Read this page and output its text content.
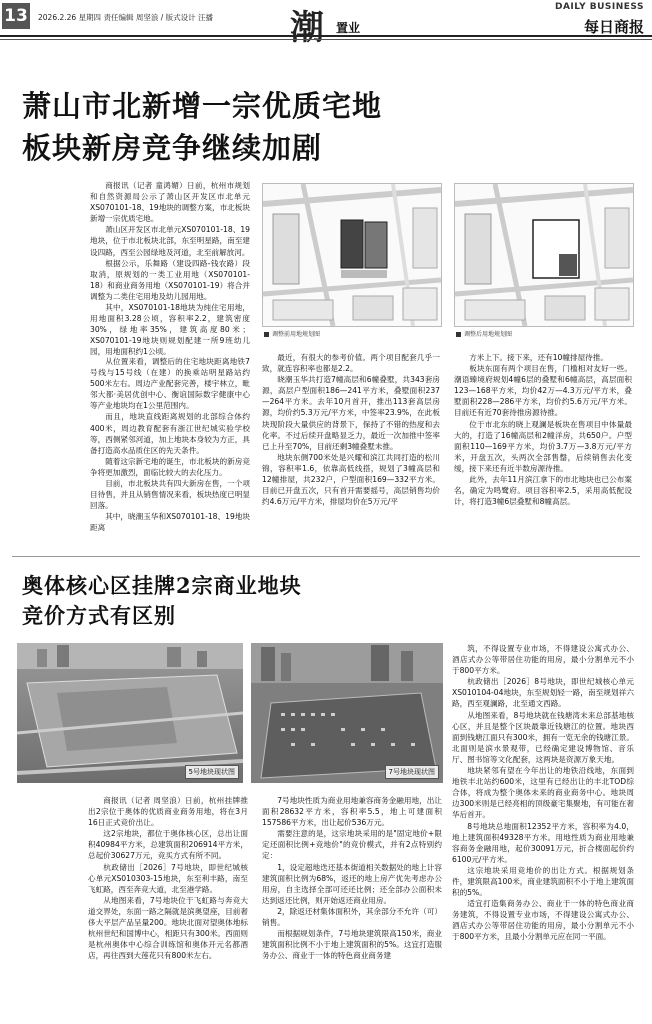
13 2026.2.26 星期四 责任编辑 周坚浪 / 版式设计 汪播 潮 置业
DAILY BUSINESS
每日商报
萧山市北新增一宗优质宅地
板块新房竞争继续加剧

商报讯（记者 童鸿媚）日前，杭州市规划和自然资源局公示了萧山区开发区市北单元XS070101-18、19地块的调整方案，市北板块新增一宗优质宅地。

萧山区开发区市北单元XS070101-18、19地块，位于市北板块北部，东至明星路，南至建设四路，西至公园绿地及河道，北至前解放河。

根据公示，乐舞路（建设四路-钱农路）段取消，原规划的一类工业用地（XS070101-18）和商业商务用地（XS070101-19）将合并调整为二类住宅用地及幼儿园用地。

其中，XS070101-18地块为纯住宅用地，用地面积3.28公顷，容积率2.2，建筑密度30%，绿地率35%，建筑高度80米；XS070101-19地块则规划配建一所9班幼儿园，用地面积约1公顷。

从位置来看，调整后的住宅地块距离地铁7号线与15号线（在建）的换乘站明星路站约500米左右。周边产业配套完善，楼宇林立，毗邻大都·美居优创中心、衡谊国际数字健康中心等产业地块均在1公里范围内。

而且，地块直线距离规划的北部综合体约400米，周边教育配套有浙江世纪城实验学校等，西侧紧邻河道，加上地块本身较为方正，具备打造高水品质住区的先天条件。

随着这宗新宅地的诞生，市北板块的新房竞争将更加激烈，面临比较大的去化压力。

目前，市北板块共有四大新房在售，一个项目待售，并且从销售情况来看，板块热度已明显回落。

其中，晓潮玉华和XS070101-18、19地块距离

调整前用地规划图	调整后用地规划图

最近，有很大的参考价值。两个项目配套几乎一致，就连容积率也都是2.2。

晓潮玉华共打造7幢高层和6幢叠墅，共343套房源，高层户型面积186—241平方米，叠墅面积237—264平方米。去年10月首开，推出113套高层房源，均价约5.3万元/平方米，中签率23.9%，在此板块现阶段大量供应的背景下，保持了不错的热度和去化率。不过后续开盘略显乏力，最近一次加推中签率已上升至70%，目前还剩3幢叠墅未推。

地块东侧700米处是兴耀和滨江共同打造的松川锦，容积率1.6，依靠高低线搭，规划了3幢高层和12幢排屋，共232户，户型面积169—332平方米。目前已开盘五次，只有首开需要摇号，高层销售均价约4.6万元/平方米，排屋均价在5万元/平

方米上下。接下来，还有10幢排屋待推。

板块东面有两个项目在售，门槛相对友好一些。潮语臻境府规划4幢6层的叠墅和6幢高层，高层面积123—168平方米，均价42万—4.3万元/平方米，叠墅面积228—286平方米，均价约5.6万元/平方米。目前还有近70套待推房源待推。

位于市北东的晓上观澜是板块在售项目中体量最大的，打造了16幢高层和2幢洋房，共650户。户型面积110—169平方米，均价3.7万—3.8万元/平方米，开盘五次，头两次全部售罄，后续销售去化变缓，接下来还有近半数房源待推。

此外，去年11月滨江拿下的市北地块也已公布案名，确定为鸣鹭府。项目容积率2.5，采用高低配设计，将打造3幢6层叠墅和8幢高层。

奥体核心区挂牌2宗商业地块
竞价方式有区别
5号地块现状图	7号地块现状图

商报讯（记者 周坚浪）日前，杭州挂牌推出2宗位于奥体的优质商业商务用地，将在3月16日正式竞价出让。

这2宗地块，都位于奥体核心区，总出让面积40984平方米，总建筑面积206914平方米，总起价30627万元，竞买方式有所不同。

杭政储出［2026］7号地块，即世纪城核心单元XS010303-15地块，东至利丰路，南至飞虹路，西至奔竞大道，北至港学路。

从地图来看，7号地块位于飞虹路与奔竞大道交界处，东面一路之隔就是滨奥望座，目前奢侈大平层产品呈量200。地块北面对望奥体地标杭州世纪和国博中心，相距只有300米。西面则是杭州奥体中心综合训练馆和奥体开元名都酒店，再往西到大莲花只有800米左右。

7号地块性质为商业用地兼容商务金融用地，出让面积28632平方米，容积率5.5，地上可建面积157586平方米，出让起价536万元。

需要注意的是，这宗地块采用的是"固定地价+限定还面积比例+竞地价"的竞价模式，并有2点特别约定：

1，设定超地迭还基本街道相关数据处的地上计容建筑面积比例为68%，返还的地上房产优先考虑办公用房，自主选择全部可还还比例；还全部办公面积未达到返还比例，则开始返还商业用房。

2，除返还材集体面积外，其余部分不允许（可）销售。

而根据规划条件，7号地块建筑限高150米，商业建筑面积比例不小于地上建筑面积的5%。这宜打造服务办公、商业于一体的特色商业商务建

筑，不得设置专业市场，不得建设公寓式办公、酒店式办公等带居住功能的用房，最小分割单元不小于800平方米。

杭政储出［2026］8号地块，即世纪城核心单元XS010104-04地块，东至规划轻一路，南至规划祥六路，西至观澜路，北至通文西路。

从地图来看，8号地块就在钱塘湾未来总部基地核心区，并且是整个区块最靠近钱塘江的位置。地块西面到钱塘江面只有300米，拥有一览无余的钱塘江景。北面则是滨水景观带，已经确定建设博物馆、音乐厅、图书馆等文化配套，这两块是资源万象天地。

地块紧邻有望在今年出让的地铁沿线地，东面到地铁丰北站约600米，这里有已经出让的丰北TOD综合体，将成为整个奥体未来的商业商务中心。地块周边300米则是已经亮相的顶级豪宅集聚地，有可能在奢华后首开。

8号地块总地面积12352平方米，容积率为4.0，地上建筑面积49328平方米。用地性质为商业用地兼容商务金融用地，起价30091万元，折合楼面起价约6100元/平方米。

这宗地块采用竞地价的出让方式。根据规划条件，建筑限高100米，商业建筑面积不小于地上建筑面积的5%。

适宜打造集商务办公、商业于一体的特色商业商务建筑，不得设置专业市场，不得建设公寓式办公、酒店式办公等带居住功能的用房，最小分割单元不小于800平方米，且最小分割单元应在同一平面。
